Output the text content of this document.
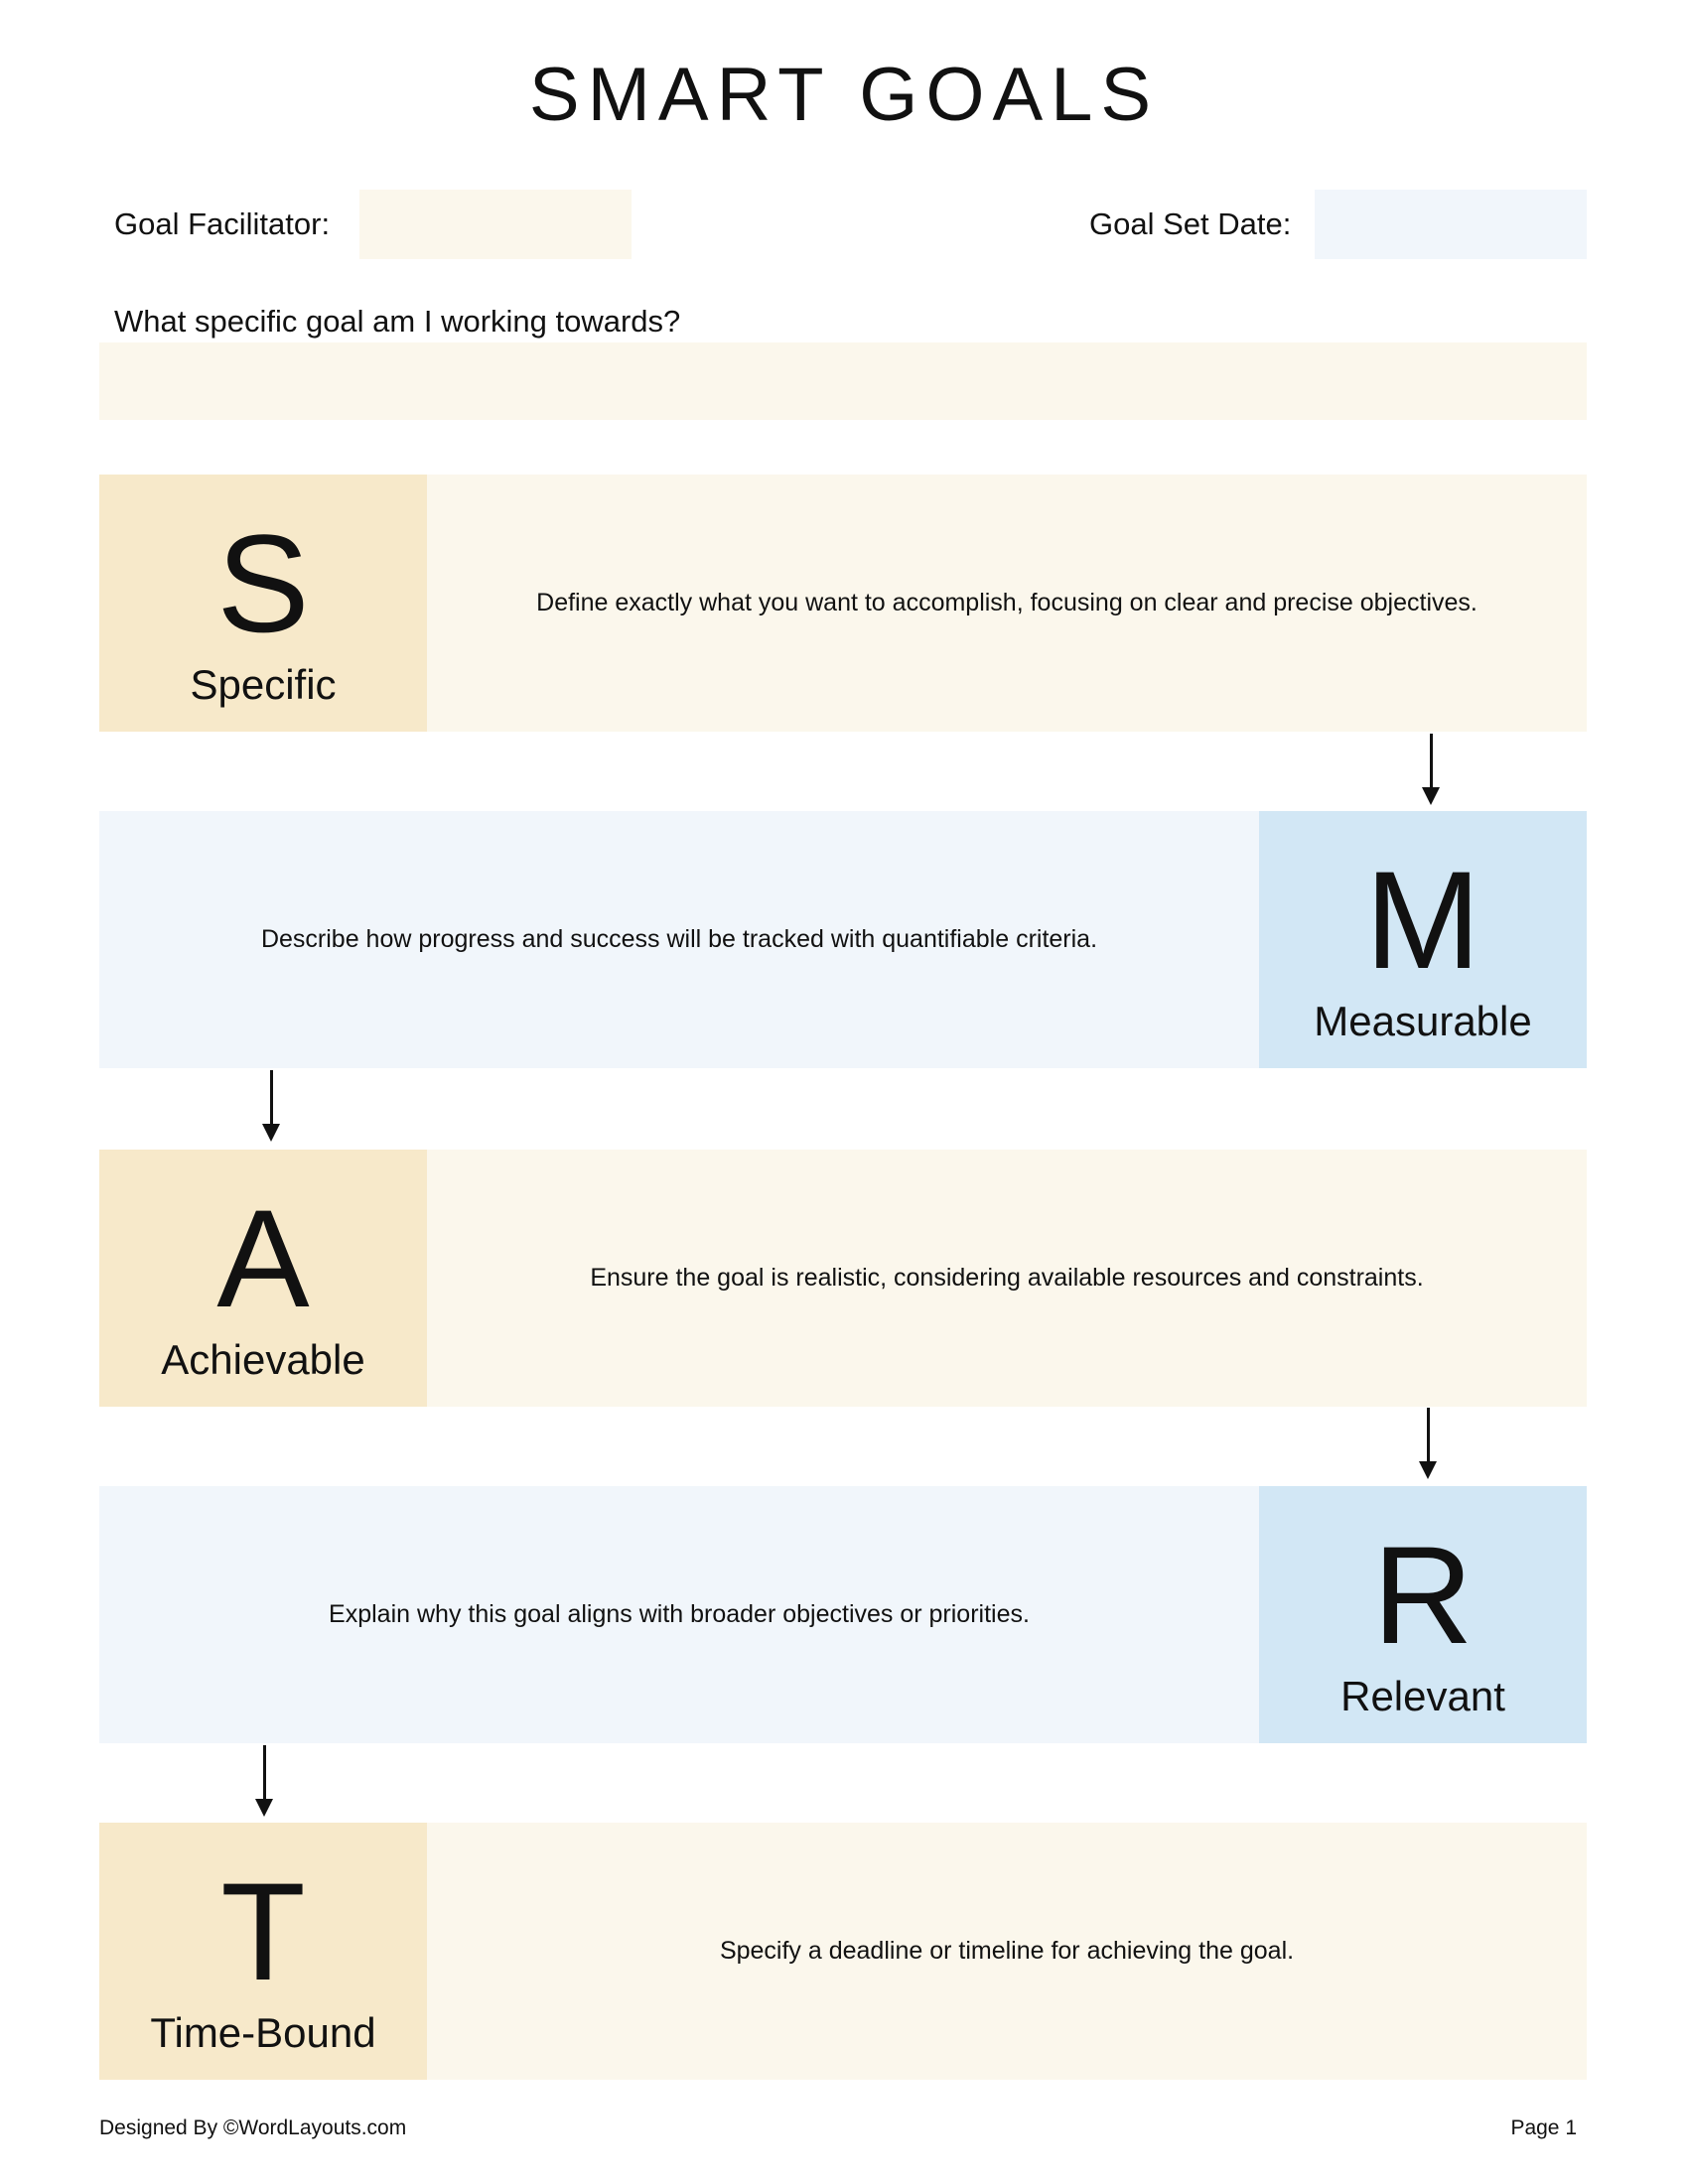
SMART GOALS
Goal Facilitator:	Goal Set Date:
What specific goal am I working towards?
S
Specific
Define exactly what you want to accomplish, focusing on clear and precise objectives.
Describe how progress and success will be tracked with quantifiable criteria.	M
Measurable
A
Achievable
Ensure the goal is realistic, considering available resources and constraints.
Explain why this goal aligns with broader objectives or priorities.	R
Relevant
T
Time-Bound
Specify a deadline or timeline for achieving the goal.
Designed By ©WordLayouts.com	Page 1
